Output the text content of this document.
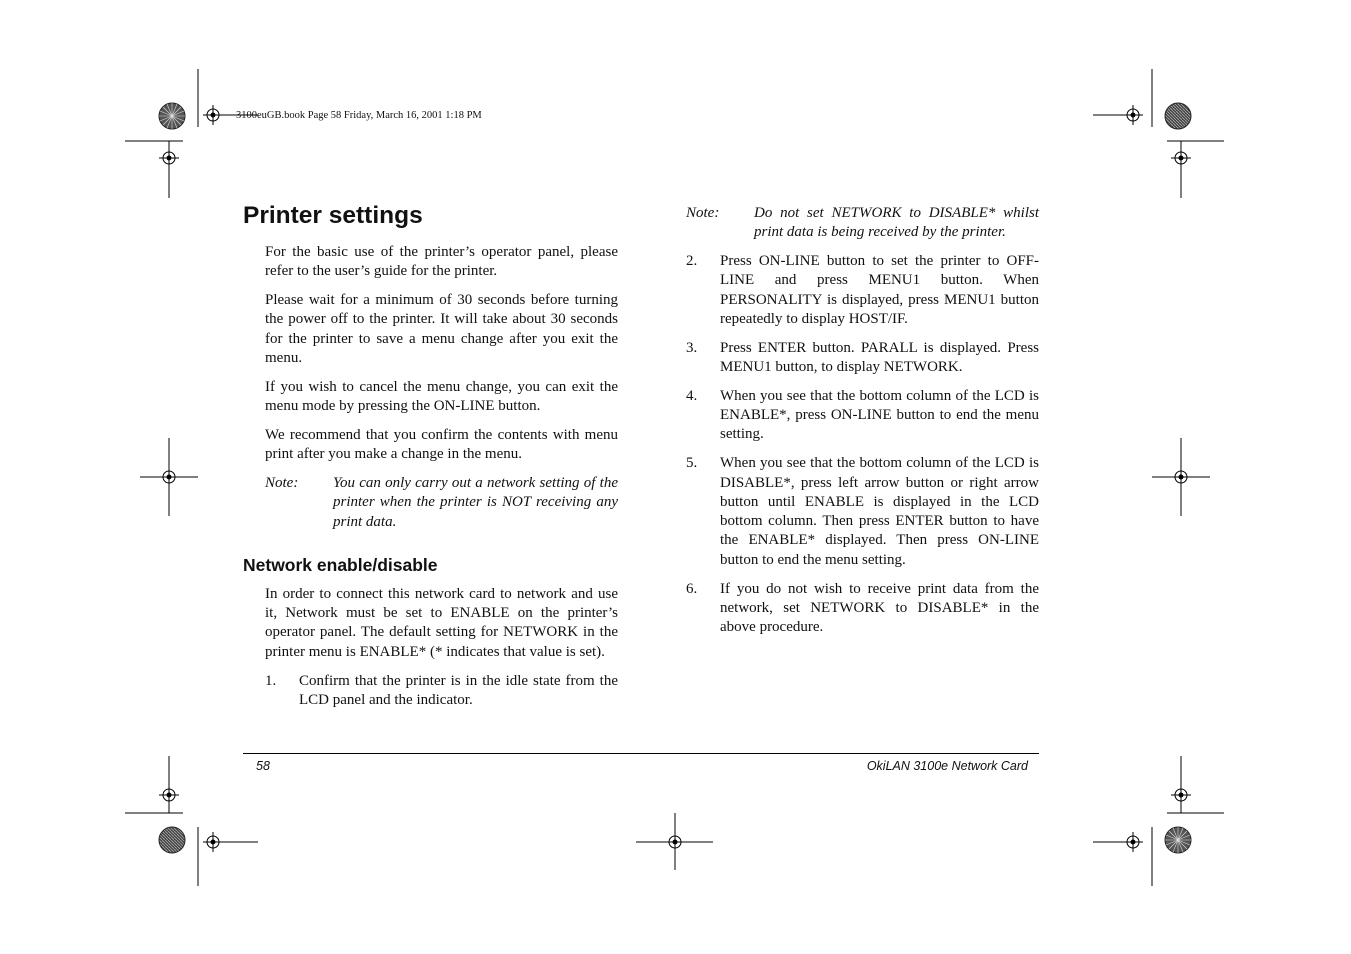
3100euGB.book Page 58 Friday, March 16, 2001 1:18 PM
Printer settings

For the basic use of the printer’s operator panel, please refer to the user’s guide for the printer.

Please wait for a minimum of 30 seconds before turning the power off to the printer. It will take about 30 seconds for the printer to save a menu change after you exit the menu.

If you wish to cancel the menu change, you can exit the menu mode by pressing the ON-LINE button.

We recommend that you confirm the contents with menu print after you make a change in the menu.

Note:	You can only carry out a network setting of the printer when the printer is NOT receiving any print data.
Network enable/disable

In order to connect this network card to network and use it, Network must be set to ENABLE on the printer’s operator panel. The default setting for NETWORK in the printer menu is ENABLE* (* indicates that value is set).

1.	Confirm that the printer is in the idle state from the LCD panel and the indicator.
Note:	Do not set NETWORK to DISABLE* whilst print data is being received by the printer.
2.	Press ON-LINE button to set the printer to OFF-LINE and press MENU1 button. When PERSONALITY is displayed, press MENU1 button repeatedly to display HOST/IF.
3.	Press ENTER button. PARALL is displayed. Press MENU1 button, to display NETWORK.
4.	When you see that the bottom column of the LCD is ENABLE*, press ON-LINE button to end the menu setting.
5.	When you see that the bottom column of the LCD is DISABLE*, press left arrow button or right arrow button until ENABLE is displayed in the LCD bottom column. Then press ENTER button to have the ENABLE* displayed. Then press ON-LINE button to end the menu setting.
6.	If you do not wish to receive print data from the network, set NETWORK to DISABLE* in the above procedure.
58	OkiLAN 3100e Network Card
